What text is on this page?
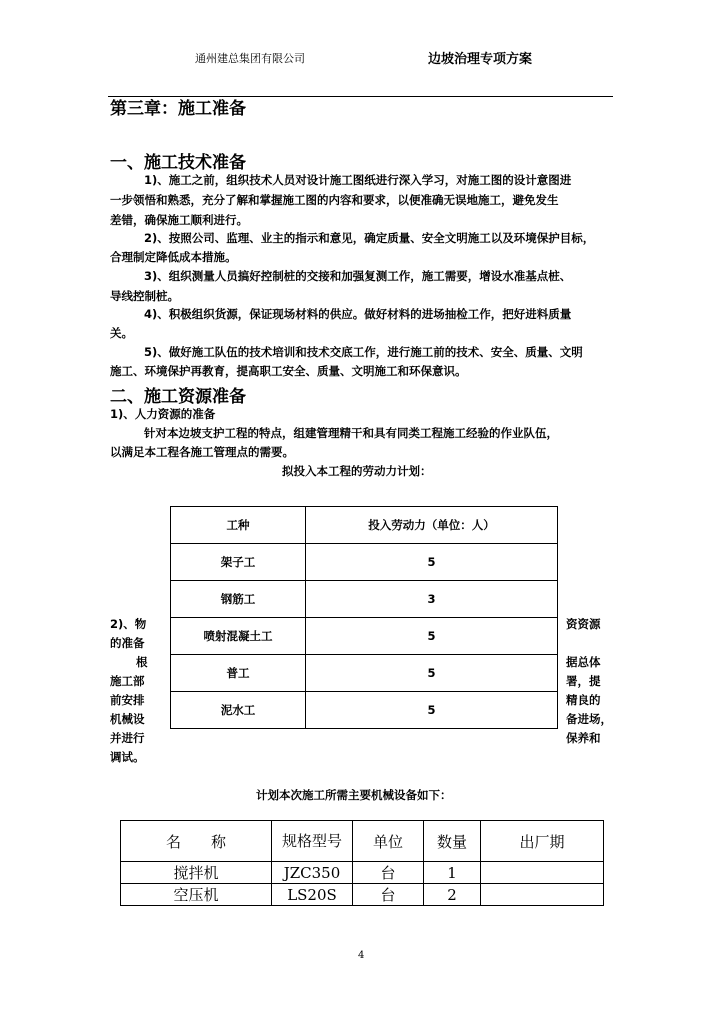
通州建总集团有限公司	边坡治理专项方案
第三章：施工准备
一、施工技术准备
1)、施工之前，组织技术人员对设计施工图纸进行深入学习，对施工图的设计意图进
一步领悟和熟悉，充分了解和掌握施工图的内容和要求，以便准确无误地施工，避免发生
差错，确保施工顺利进行。
2)、按照公司、监理、业主的指示和意见，确定质量、安全文明施工以及环境保护目标，
合理制定降低成本措施。
3)、组织测量人员搞好控制桩的交接和加强复测工作，施工需要，增设水准基点桩、
导线控制桩。
4)、积极组织货源，保证现场材料的供应。做好材料的进场抽检工作，把好进料质量
关。
5)、做好施工队伍的技术培训和技术交底工作，进行施工前的技术、安全、质量、文明
施工、环境保护再教育，提高职工安全、质量、文明施工和环保意识。
二、施工资源准备
1)、人力资源的准备
针对本边坡支护工程的特点，组建管理精干和具有同类工程施工经验的作业队伍，
以满足本工程各施工管理点的需要。
拟投入本工程的劳动力计划：
工种	投入劳动力（单位：人）
架子工	5
钢筋工	3
喷射混凝土工	5
普工	5
泥水工	5
2)、物
的准备
根
施工部
前安排
机械设
并进行
调试。
资资源
据总体
署，提
精良的
备进场，
保养和
计划本次施工所需主要机械设备如下：
名　　称	规格型号	单位	数量	出厂期
搅拌机	JZC350	台	1	
空压机	LS20S	台	2	
4
